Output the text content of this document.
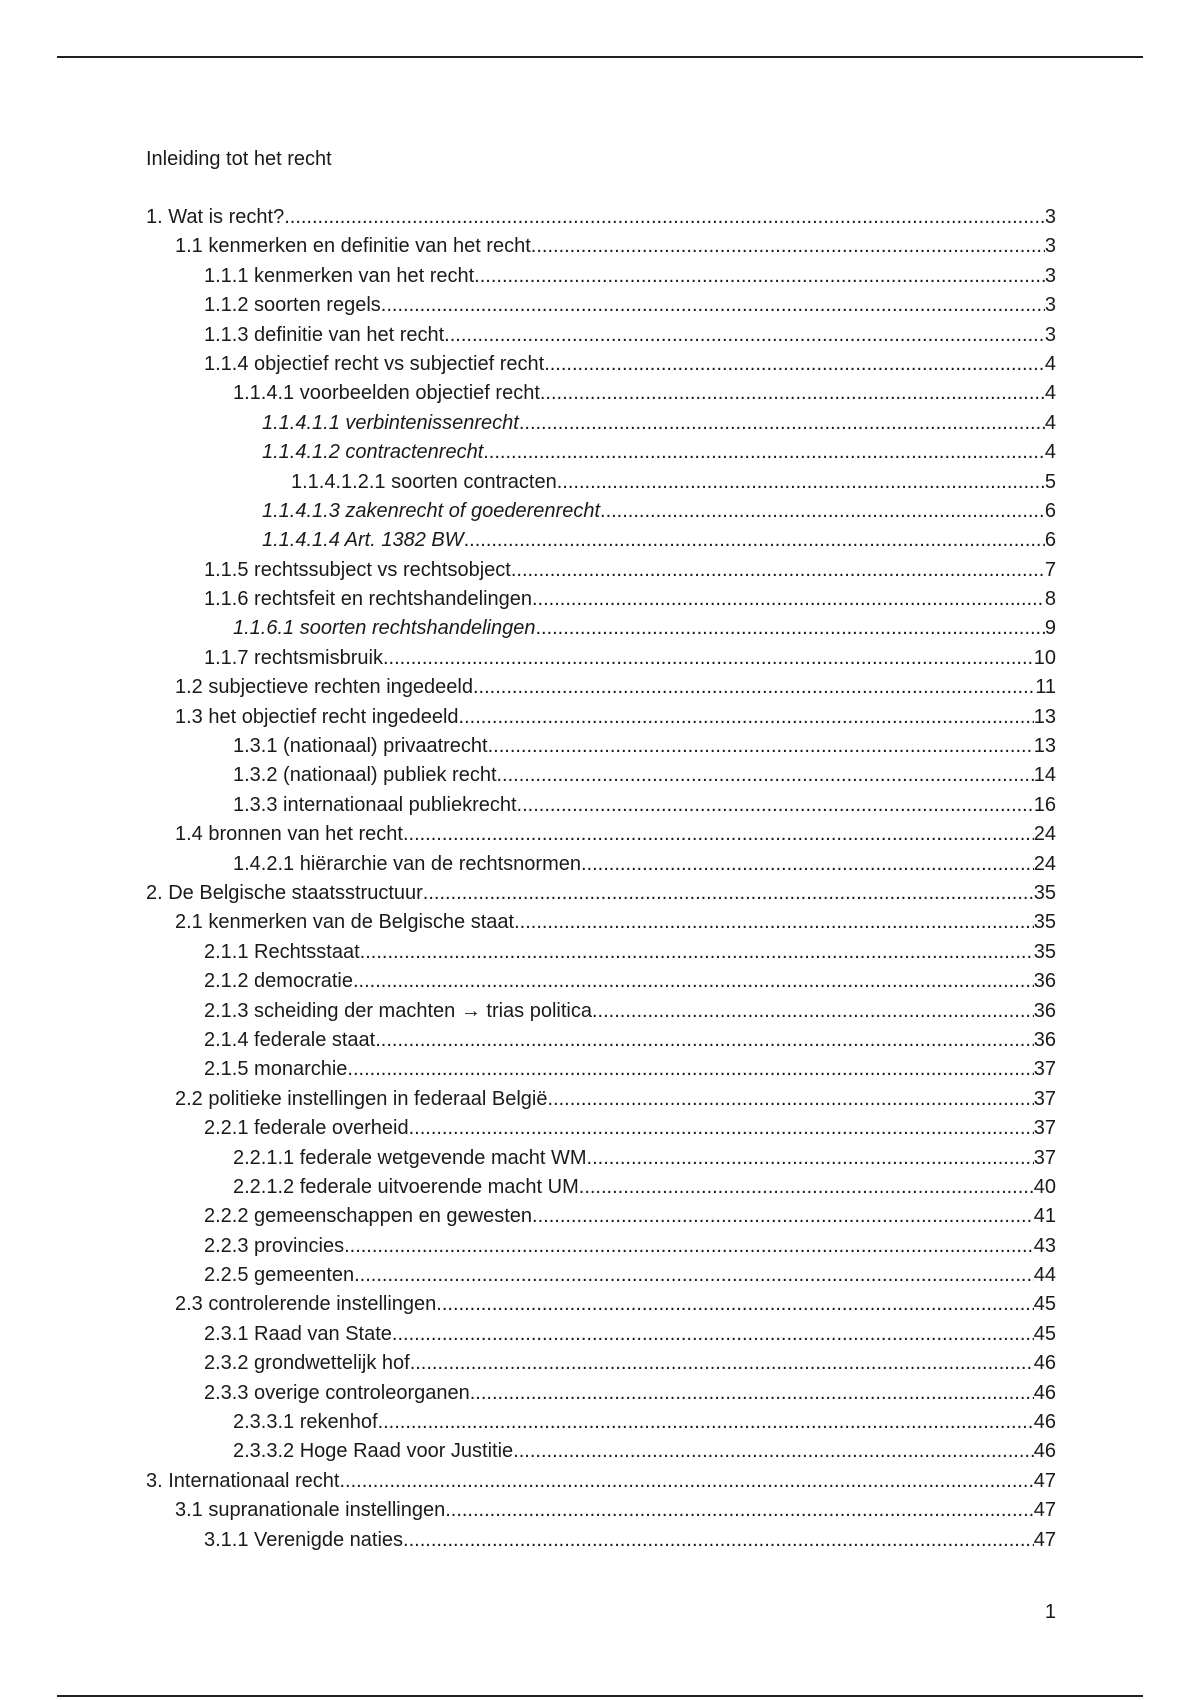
Inleiding tot het recht
1. Wat is recht? .....	3
1.1 kenmerken en definitie van het recht .....	3
1.1.1 kenmerken van het recht .....	3
1.1.2 soorten regels .....	3
1.1.3 definitie van het recht .....	3
1.1.4 objectief recht vs subjectief recht .....	4
1.1.4.1 voorbeelden objectief recht .....	4
1.1.4.1.1 verbintenissenrecht .....	4
1.1.4.1.2 contractenrecht .....	4
1.1.4.1.2.1 soorten contracten .....	5
1.1.4.1.3 zakenrecht of goederenrecht .....	6
1.1.4.1.4 Art. 1382 BW .....	6
1.1.5 rechtssubject vs rechtsobject .....	7
1.1.6 rechtsfeit en rechtshandelingen .....	8
1.1.6.1 soorten rechtshandelingen .....	9
1.1.7 rechtsmisbruik .....	10
1.2 subjectieve rechten ingedeeld .....	11
1.3 het objectief recht ingedeeld .....	13
1.3.1 (nationaal) privaatrecht .....	13
1.3.2 (nationaal) publiek recht .....	14
1.3.3 internationaal publiekrecht .....	16
1.4 bronnen van het recht .....	24
1.4.2.1 hiërarchie van de rechtsnormen .....	24
2. De Belgische staatsstructuur .....	35
2.1 kenmerken van de Belgische staat .....	35
2.1.1 Rechtsstaat .....	35
2.1.2 democratie .....	36
2.1.3 scheiding der machten → trias politica .....	36
2.1.4 federale staat .....	36
2.1.5 monarchie .....	37
2.2 politieke instellingen in federaal België .....	37
2.2.1 federale overheid .....	37
2.2.1.1 federale wetgevende macht WM .....	37
2.2.1.2 federale uitvoerende macht UM .....	40
2.2.2 gemeenschappen en gewesten .....	41
2.2.3 provincies .....	43
2.2.5 gemeenten .....	44
2.3 controlerende instellingen .....	45
2.3.1 Raad van State .....	45
2.3.2 grondwettelijk hof .....	46
2.3.3 overige controleorganen .....	46
2.3.3.1 rekenhof .....	46
2.3.3.2 Hoge Raad voor Justitie .....	46
3. Internationaal recht .....	47
3.1 supranationale instellingen .....	47
3.1.1 Verenigde naties .....	47
1
